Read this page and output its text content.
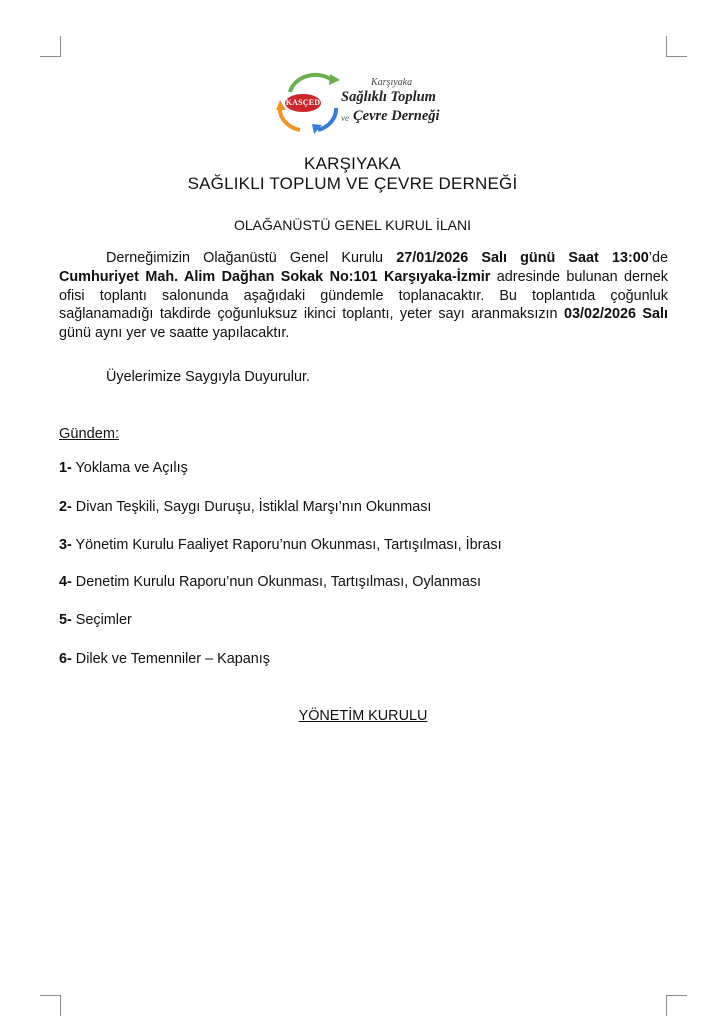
KASÇED
Karşıyaka
Sağlıklı Toplum
ve Çevre Derneği
KARŞIYAKA
SAĞLIKLI TOPLUM VE ÇEVRE DERNEĞİ
OLAĞANÜSTÜ GENEL KURUL İLANI
Derneğimizin Olağanüstü Genel Kurulu 27/01/2026 Salı günü Saat 13:00’de Cumhuriyet Mah. Alim Dağhan Sokak No:101 Karşıyaka-İzmir adresinde bulunan dernek ofisi toplantı salonunda aşağıdaki gündemle toplanacaktır. Bu toplantıda çoğunluk sağlanamadığı takdirde çoğunluksuz ikinci toplantı, yeter sayı aranmaksızın 03/02/2026 Salı günü aynı yer ve saatte yapılacaktır.
Üyelerimize Saygıyla Duyurulur.
Gündem:
1- Yoklama ve Açılış
2- Divan Teşkili, Saygı Duruşu, İstiklal Marşı’nın Okunması
3- Yönetim Kurulu Faaliyet Raporu’nun Okunması, Tartışılması, İbrası
4- Denetim Kurulu Raporu’nun Okunması, Tartışılması, Oylanması
5- Seçimler
6- Dilek ve Temenniler – Kapanış
YÖNETİM KURULU
